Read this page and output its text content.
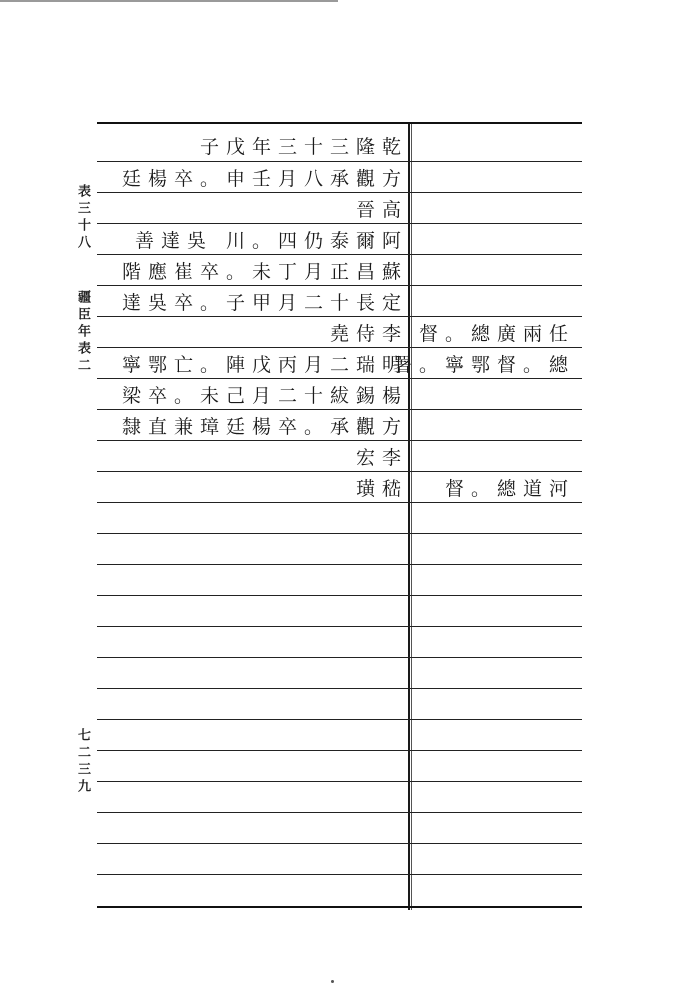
表三十八
疆臣年表二
七二三九
子戊年三十三隆乾
廷楊卒。申壬月八承觀方
晉高
善達吳 川。四仍泰爾阿
階應崔卒。未丁月正昌蘇
達吳卒。子甲月二十長定
堯侍李 督。總廣兩任
寧鄂亡。陣戊丙月二瑞明
署。寧鄂督。總
梁卒。未己月二十紱錫楊
隸直兼璋廷楊卒。承觀方
宏李
璜嵇	督。總道河
